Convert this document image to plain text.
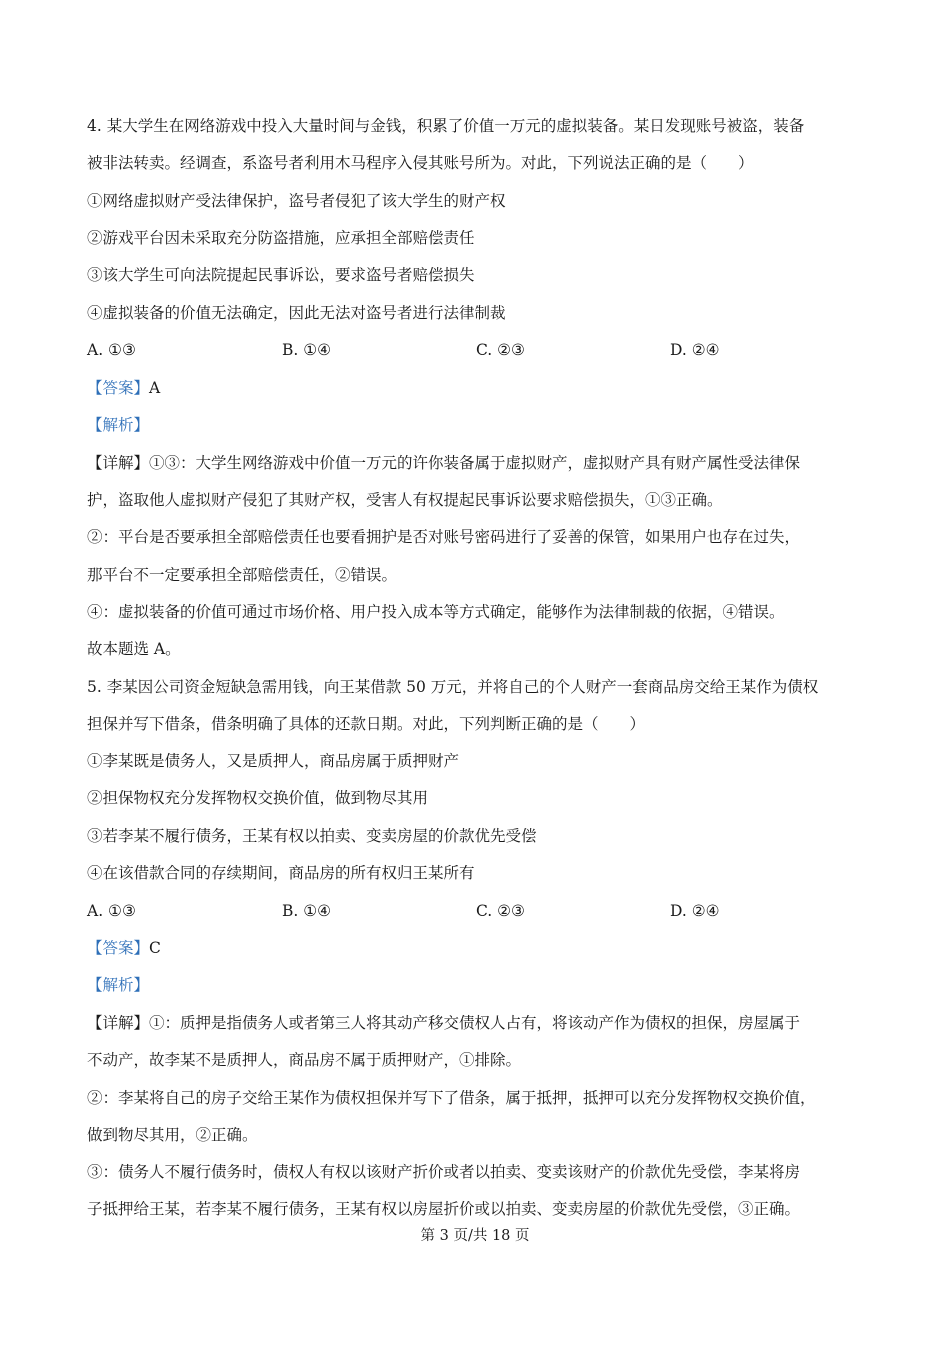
4. 某大学生在网络游戏中投入大量时间与金钱，积累了价值一万元的虚拟装备。某日发现账号被盗，装备
被非法转卖。经调查，系盗号者利用木马程序入侵其账号所为。对此，下列说法正确的是（　　）
①网络虚拟财产受法律保护，盗号者侵犯了该大学生的财产权
②游戏平台因未采取充分防盗措施，应承担全部赔偿责任
③该大学生可向法院提起民事诉讼，要求盗号者赔偿损失
④虚拟装备的价值无法确定，因此无法对盗号者进行法律制裁
A. ①③	B. ①④	C. ②③	D. ②④
【答案】A
【解析】
【详解】①③：大学生网络游戏中价值一万元的许你装备属于虚拟财产，虚拟财产具有财产属性受法律保
护，盗取他人虚拟财产侵犯了其财产权，受害人有权提起民事诉讼要求赔偿损失，①③正确。
②：平台是否要承担全部赔偿责任也要看拥护是否对账号密码进行了妥善的保管，如果用户也存在过失，
那平台不一定要承担全部赔偿责任，②错误。
④：虚拟装备的价值可通过市场价格、用户投入成本等方式确定，能够作为法律制裁的依据，④错误。
故本题选 A。
5. 李某因公司资金短缺急需用钱，向王某借款 50 万元，并将自己的个人财产一套商品房交给王某作为债权
担保并写下借条，借条明确了具体的还款日期。对此，下列判断正确的是（　　）
①李某既是债务人，又是质押人，商品房属于质押财产
②担保物权充分发挥物权交换价值，做到物尽其用
③若李某不履行债务，王某有权以拍卖、变卖房屋的价款优先受偿
④在该借款合同的存续期间，商品房的所有权归王某所有
A. ①③	B. ①④	C. ②③	D. ②④
【答案】C
【解析】
【详解】①：质押是指债务人或者第三人将其动产移交债权人占有，将该动产作为债权的担保，房屋属于
不动产，故李某不是质押人，商品房不属于质押财产，①排除。
②：李某将自己的房子交给王某作为债权担保并写下了借条，属于抵押，抵押可以充分发挥物权交换价值，
做到物尽其用，②正确。
③：债务人不履行债务时，债权人有权以该财产折价或者以拍卖、变卖该财产的价款优先受偿，李某将房
子抵押给王某，若李某不履行债务，王某有权以房屋折价或以拍卖、变卖房屋的价款优先受偿，③正确。
第 3 页/共 18 页
